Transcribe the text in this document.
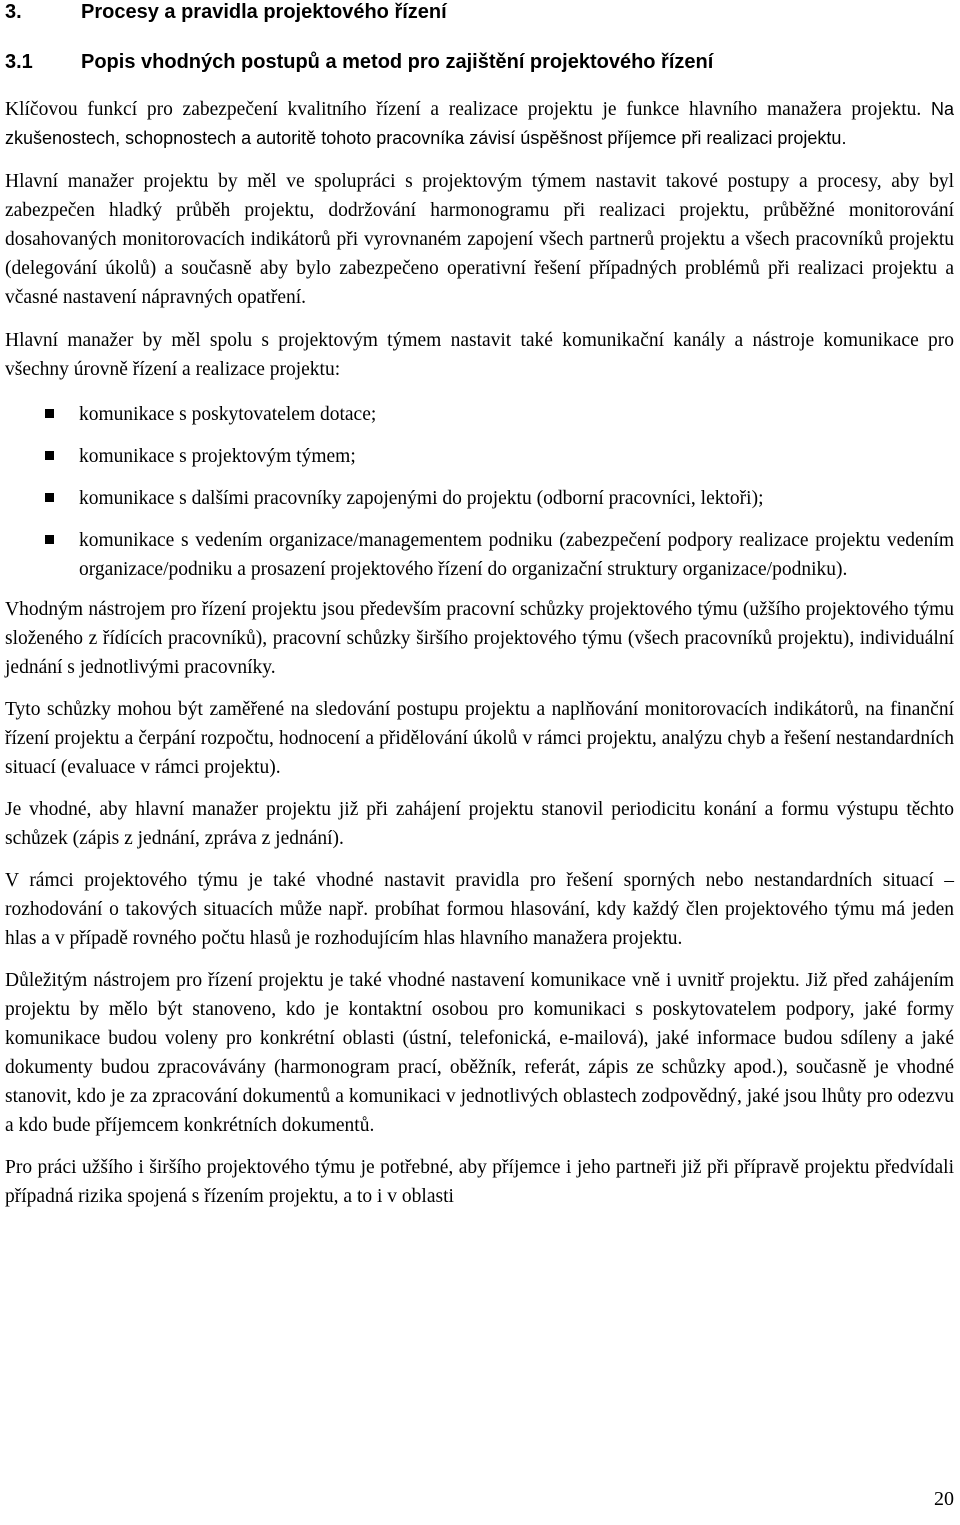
3.	Procesy a pravidla projektového řízení
3.1 Popis vhodných postupů a metod pro zajištění projektového řízení

Klíčovou funkcí pro zabezpečení kvalitního řízení a realizace projektu je funkce hlavního manažera projektu. Na zkušenostech, schopnostech a autoritě tohoto pracovníka závisí úspěšnost příjemce při realizaci projektu.

Hlavní manažer projektu by měl ve spolupráci s projektovým týmem nastavit takové postupy a procesy, aby byl zabezpečen hladký průběh projektu, dodržování harmonogramu při realizaci projektu, průběžné monitorování dosahovaných monitorovacích indikátorů při vyrovnaném zapojení všech partnerů projektu a všech pracovníků projektu (delegování úkolů) a současně aby bylo zabezpečeno operativní řešení případných problémů při realizaci projektu a včasné nastavení nápravných opatření.

Hlavní manažer by měl spolu s projektovým týmem nastavit také komunikační kanály a nástroje komunikace pro všechny úrovně řízení a realizace projektu:

komunikace s poskytovatelem dotace;
komunikace s projektovým týmem;
komunikace s dalšími pracovníky zapojenými do projektu (odborní pracovníci, lektoři);
komunikace s vedením organizace/managementem podniku (zabezpečení podpory realizace projektu vedením organizace/podniku a prosazení projektového řízení do organizační struktury organizace/podniku).

Vhodným nástrojem pro řízení projektu jsou především pracovní schůzky projektového týmu (užšího projektového týmu složeného z řídících pracovníků), pracovní schůzky širšího projektového týmu (všech pracovníků projektu), individuální jednání s jednotlivými pracovníky.

Tyto schůzky mohou být zaměřené na sledování postupu projektu a naplňování monitorovacích indikátorů, na finanční řízení projektu a čerpání rozpočtu, hodnocení a přidělování úkolů v rámci projektu, analýzu chyb a řešení nestandardních situací (evaluace v rámci projektu).

Je vhodné, aby hlavní manažer projektu již při zahájení projektu stanovil periodicitu konání a formu výstupu těchto schůzek (zápis z jednání, zpráva z jednání).

V rámci projektového týmu je také vhodné nastavit pravidla pro řešení sporných nebo nestandardních situací – rozhodování o takových situacích může např. probíhat formou hlasování, kdy každý člen projektového týmu má jeden hlas a v případě rovného počtu hlasů je rozhodujícím hlas hlavního manažera projektu.

Důležitým nástrojem pro řízení projektu je také vhodné nastavení komunikace vně i uvnitř projektu. Již před zahájením projektu by mělo být stanoveno, kdo je kontaktní osobou pro komunikaci s poskytovatelem podpory, jaké formy komunikace budou voleny pro konkrétní oblasti (ústní, telefonická, e-mailová), jaké informace budou sdíleny a jaké dokumenty budou zpracovávány (harmonogram prací, oběžník, referát, zápis ze schůzky apod.), současně je vhodné stanovit, kdo je za zpracování dokumentů a komunikaci v jednotlivých oblastech zodpovědný, jaké jsou lhůty pro odezvu a kdo bude příjemcem konkrétních dokumentů.

Pro práci užšího i širšího projektového týmu je potřebné, aby příjemce i jeho partneři již při přípravě projektu předvídali případná rizika spojená s řízením projektu, a to i v oblasti

20
